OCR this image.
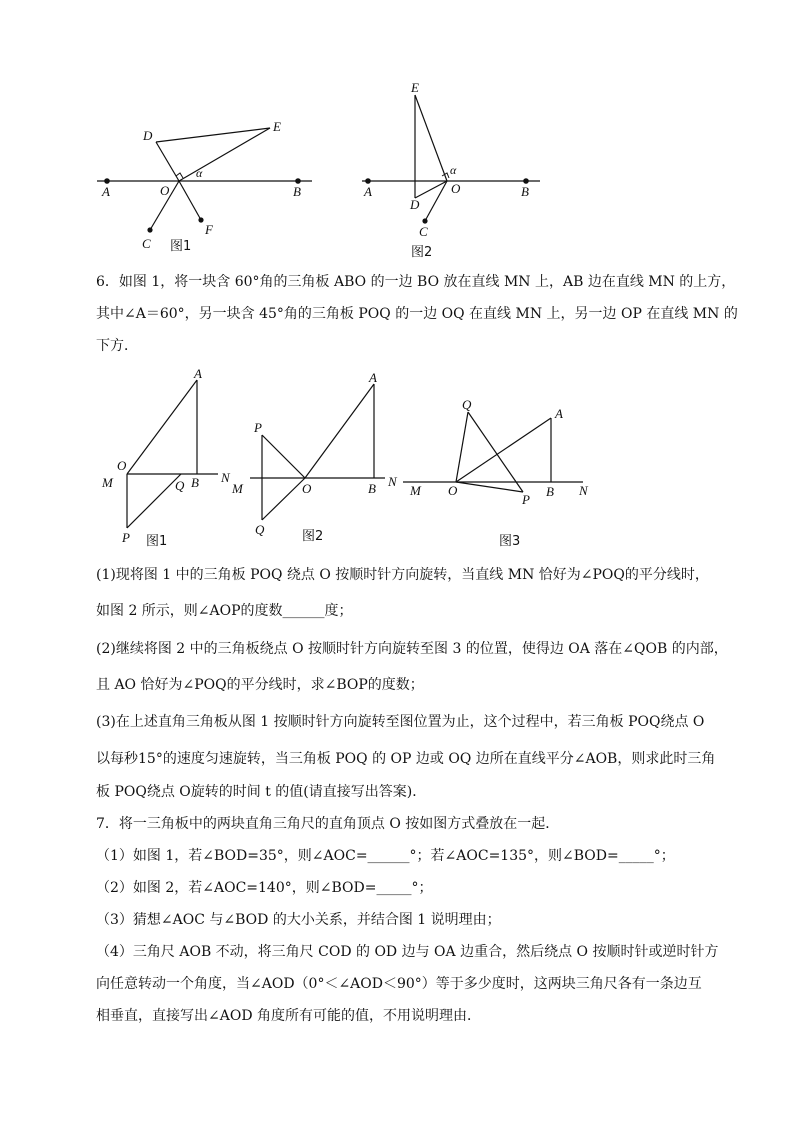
A	O	B
D
E
C
F
α
图1
E
A	O	B
D
C
α
图2
6．如图 1，将一块含 60°角的三角板 ABO 的一边 BO 放在直线 MN 上，AB 边在直线 MN 的上方，
其中∠A＝60°，另一块含 45°角的三角板 POQ 的一边 OQ 在直线 MN 上，另一边 OP 在直线 MN 的
下方．
A
O
M	Q B N
P 图1
A
P
M	O	B N
Q	图2
Q
A
M O
P
B N
图3
(1)现将图 1 中的三角板 POQ 绕点 O 按顺时针方向旋转，当直线 MN 恰好为∠POQ的平分线时，
如图 2 所示，则∠AOP的度数______度；
(2)继续将图 2 中的三角板绕点 O 按顺时针方向旋转至图 3 的位置，使得边 OA 落在∠QOB 的内部，
且 AO 恰好为∠POQ的平分线时，求∠BOP的度数；
(3)在上述直角三角板从图 1 按顺时针方向旋转至图位置为止，这个过程中，若三角板 POQ绕点 O
以每秒15°的速度匀速旋转，当三角板 POQ 的 OP 边或 OQ 边所在直线平分∠AOB，则求此时三角
板 POQ绕点 O旋转的时间 t 的值(请直接写出答案)．
7．将一三角板中的两块直角三角尺的直角顶点 O 按如图方式叠放在一起．
（1）如图 1，若∠BOD=35°，则∠AOC=______°；若∠AOC=135°，则∠BOD=_____°；
（2）如图 2，若∠AOC=140°，则∠BOD=_____°；
（3）猜想∠AOC 与∠BOD 的大小关系，并结合图 1 说明理由；
（4）三角尺 AOB 不动，将三角尺 COD 的 OD 边与 OA 边重合，然后绕点 O 按顺时针或逆时针方
向任意转动一个角度，当∠AOD（0°＜∠AOD＜90°）等于多少度时，这两块三角尺各有一条边互
相垂直，直接写出∠AOD 角度所有可能的值，不用说明理由．
